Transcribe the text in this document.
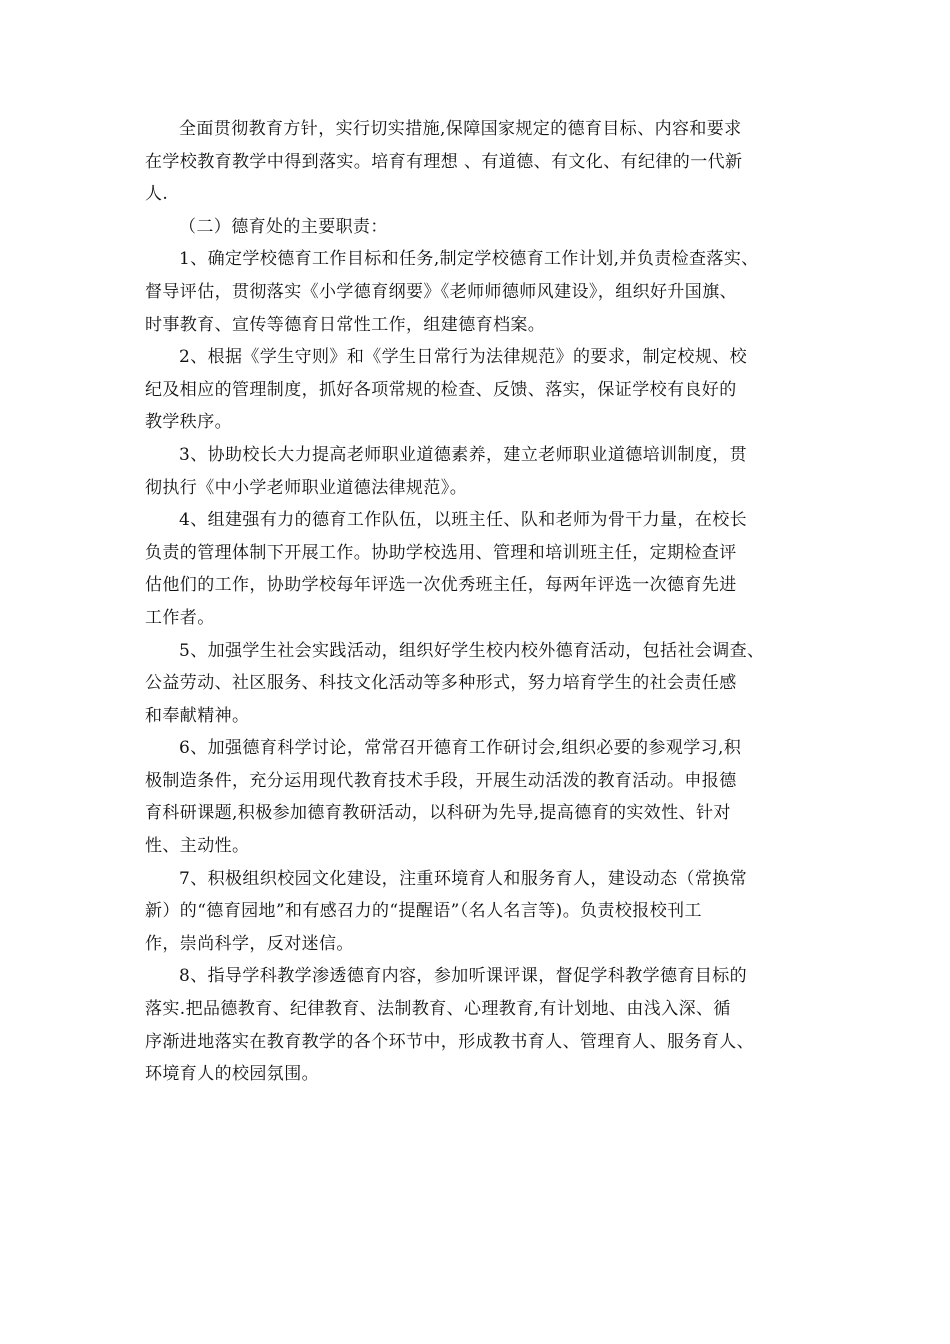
全面贯彻教育方针，实行切实措施,保障国家规定的德育目标、内容和要求
在学校教育教学中得到落实。培育有理想 、有道德、有文化、有纪律的一代新
人.
（二）德育处的主要职责：
1、确定学校德育工作目标和任务,制定学校德育工作计划,并负责检查落实、
督导评估，贯彻落实《小学德育纲要》《老师师德师风建设》，组织好升国旗、
时事教育、宣传等德育日常性工作，组建德育档案。
2、根据《学生守则》和《学生日常行为法律规范》的要求，制定校规、校
纪及相应的管理制度，抓好各项常规的检查、反馈、落实，保证学校有良好的
教学秩序。
3、协助校长大力提高老师职业道德素养，建立老师职业道德培训制度，贯
彻执行《中小学老师职业道德法律规范》。
4、组建强有力的德育工作队伍，以班主任、队和老师为骨干力量，在校长
负责的管理体制下开展工作。协助学校选用、管理和培训班主任，定期检查评
估他们的工作，协助学校每年评选一次优秀班主任，每两年评选一次德育先进
工作者。
5、加强学生社会实践活动，组织好学生校内校外德育活动，包括社会调查、
公益劳动、社区服务、科技文化活动等多种形式，努力培育学生的社会责任感
和奉献精神。
6、加强德育科学讨论，常常召开德育工作研讨会,组织必要的参观学习,积
极制造条件，充分运用现代教育技术手段，开展生动活泼的教育活动。申报德
育科研课题,积极参加德育教研活动，以科研为先导,提高德育的实效性、针对
性、主动性。
7、积极组织校园文化建设，注重环境育人和服务育人，建设动态（常换常
新）的“德育园地”和有感召力的“提醒语”（名人名言等)。负责校报校刊工
作，崇尚科学，反对迷信。
8、指导学科教学渗透德育内容，参加听课评课，督促学科教学德育目标的
落实.把品德教育、纪律教育、法制教育、心理教育,有计划地、由浅入深、循
序渐进地落实在教育教学的各个环节中，形成教书育人、管理育人、服务育人、
环境育人的校园氛围。
